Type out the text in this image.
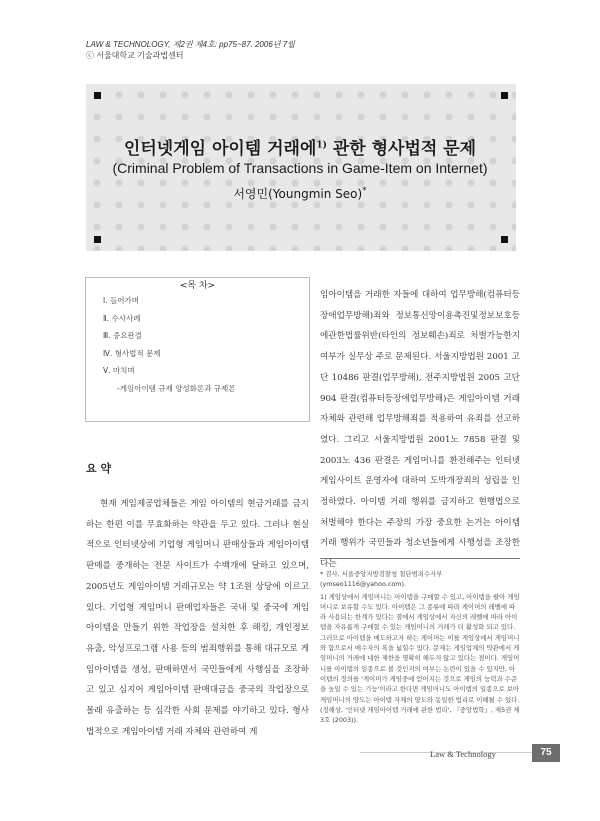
LAW & TECHNOLOGY, 제2권 제4호: pp75~87. 2006년 7월
ⓒ 서울대학교 기술과법센터
인터넷게임 아이템 거래에$^{1)}$ 관한 형사법적 문제
(Criminal Problem of Transactions in Game-Item on Internet)
서영민(Youngmin Seo)*
<목 차>
Ⅰ. 들어가며
Ⅱ. 수사사례
Ⅲ. 중요판결
Ⅳ. 형사법적 문제
Ⅴ. 마치며
-게임아이템 규제 양성화론과 규제론
요 약

현재 게임제공업체들은 게임 아이템의 현금거래를 금지하는 한편 이를 무효화하는 약관을 두고 있다. 그러나 현실적으로 인터넷상에 기업형 게임머니 판매상들과 게임아이템 판매를 중개하는 전문 사이트가 수백개에 달하고 있으며, 2005년도 게임아이템 거래규모는 약 1조원 상당에 이르고 있다. 기업형 게임머니 판매업자들은 국내 및 중국에 게임 아이템을 만들기 위한 작업장을 설치한 후 해킹, 개인정보 유출, 악성프로그램 사용 등의 범죄행위를 통해 대규모로 게임아이템을 생성, 판매하면서 국민들에게 사행심을 조장하고 있고 심지어 게임아이템 판매대금을 중국의 작업장으로 몰래 유출하는 등 심각한 사회 문제를 야기하고 있다. 형사법적으로 게임아이템 거래 자체와 관련하여 게

임아이템을 거래한 자들에 대하여 업무방해(컴퓨터등 장애업무방해)죄와 정보통신망이용촉진및정보보호등에관한법률위반(타인의 정보훼손)죄로 처벌가능한지 여부가 실무상 주로 문제된다. 서울지방법원 2001 고단 10486 판결(업무방해), 전주지방법원 2005 고단 904 판결(컴퓨터등장애업무방해)은 게임아이템 거래자체와 관련해 업무방해죄를 적용하여 유죄를 선고하였다. 그리고 서울지방법원 2001노 7858 판결 및 2003노 436 판결은 게임머니를 환전해주는 인터넷 게임사이트 운영자에 대하여 도박개장죄의 성립을 인정하였다. 아이템 거래 행위를 금지하고 현행법으로 처벌해야 한다는 주장의 가장 중요한 논거는 아이템 거래 행위가 국민들과 청소년들에게 사행성을 조장한다는

* 검사, 서울중앙지방검찰청 첨단범죄수사부 (ymseo1116@yahoo.com).

1) 게임상에서 게임머니는 아이템을 구매할 수 있고, 아이템을 팔아 게임머니로 보유할 수도 있다. 아이템은 그 종류에 따라 게이머의 레벨에 따라 사용되는 한계가 있다는 점에서 게임상에서 자신의 레벨에 따라 아이템을 자유롭게 구매할 수 있는 게임머니의 거래가 더 활성화 되고 있다. 그러므로 아이템을 매도하고자 하는 게이머는 이를 게임상에서 게임머니와 함으로서 매수자의 폭을 넓힐수 있다. 문제는 게임업체의 약관에서 게임머니의 거래에 대한 제한을 명확히 해두지 않고 있다는 점이다. 게임머니를 아이템의 일종으로 볼 것인지의 여부는 논란이 있을 수 있지만, 아이템의 정의를 '게이머가 게임중에 얻어지는 것으로 게임의 능력과 수준을 높일 수 있는 기능'이라고 한다면 게임머니도 아이템의 일종으로 보아 게임머니의 양도는 아이템 자체의 양도와 동일한 법리로 이해될 수 있다.(정해상, '인터넷 게임아이템 거래에 관한 법리', 『중앙법학』, 제5권 제3호 (2003)).

Law & Technology	75
